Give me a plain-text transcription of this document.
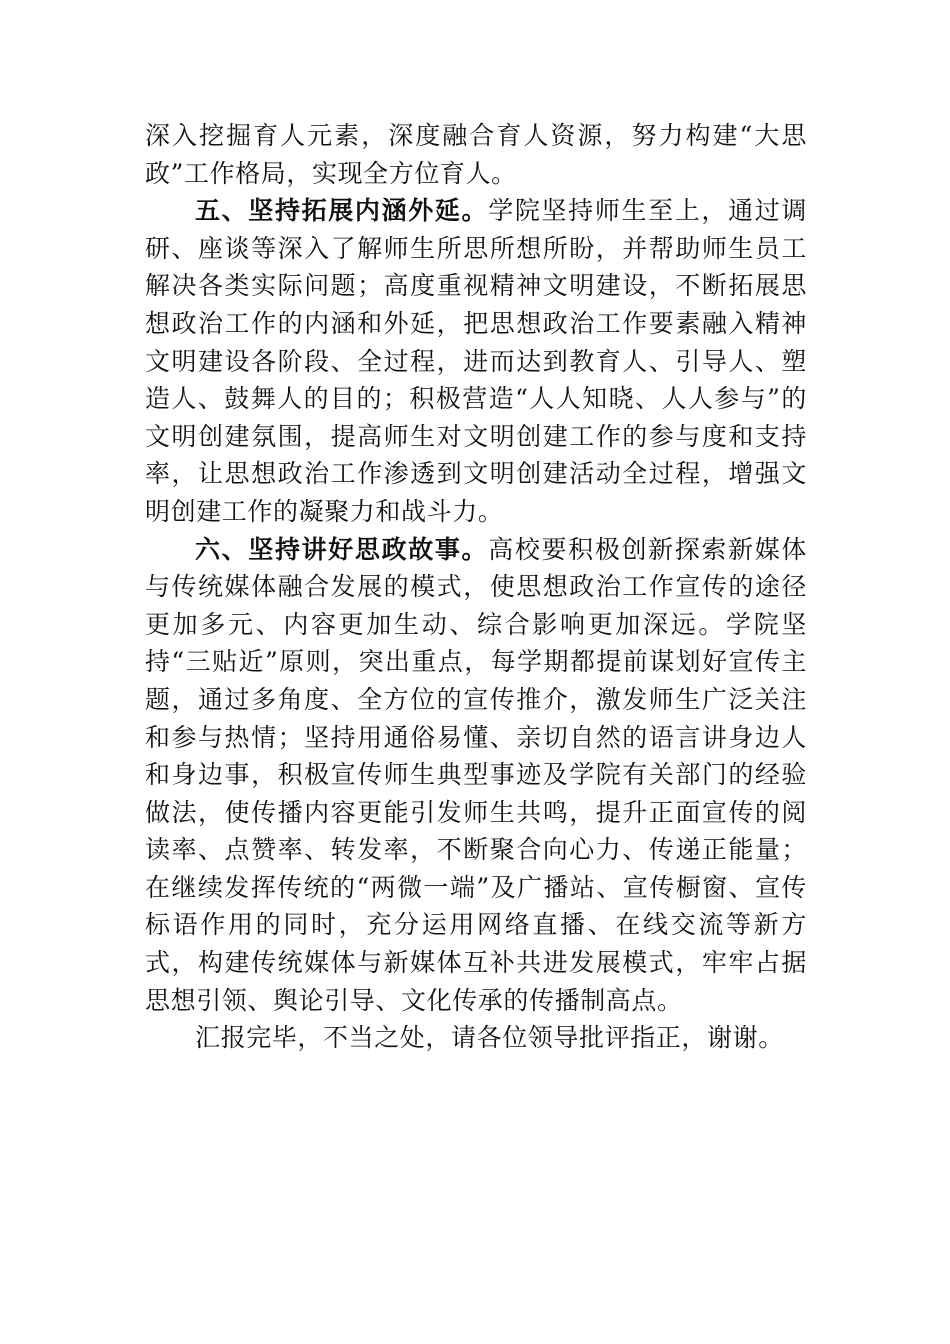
深入挖掘育人元素，深度融合育人资源，努力构建“大思政”工作格局，实现全方位育人。

五、坚持拓展内涵外延。学院坚持师生至上，通过调研、座谈等深入了解师生所思所想所盼，并帮助师生员工解决各类实际问题；高度重视精神文明建设，不断拓展思想政治工作的内涵和外延，把思想政治工作要素融入精神文明建设各阶段、全过程，进而达到教育人、引导人、塑造人、鼓舞人的目的；积极营造“人人知晓、人人参与”的文明创建氛围，提高师生对文明创建工作的参与度和支持率，让思想政治工作渗透到文明创建活动全过程，增强文明创建工作的凝聚力和战斗力。

六、坚持讲好思政故事。高校要积极创新探索新媒体与传统媒体融合发展的模式，使思想政治工作宣传的途径更加多元、内容更加生动、综合影响更加深远。学院坚持“三贴近”原则，突出重点，每学期都提前谋划好宣传主题，通过多角度、全方位的宣传推介，激发师生广泛关注和参与热情；坚持用通俗易懂、亲切自然的语言讲身边人和身边事，积极宣传师生典型事迹及学院有关部门的经验做法，使传播内容更能引发师生共鸣，提升正面宣传的阅读率、点赞率、转发率，不断聚合向心力、传递正能量；在继续发挥传统的“两微一端”及广播站、宣传橱窗、宣传标语作用的同时，充分运用网络直播、在线交流等新方式，构建传统媒体与新媒体互补共进发展模式，牢牢占据思想引领、舆论引导、文化传承的传播制高点。

汇报完毕，不当之处，请各位领导批评指正，谢谢。
